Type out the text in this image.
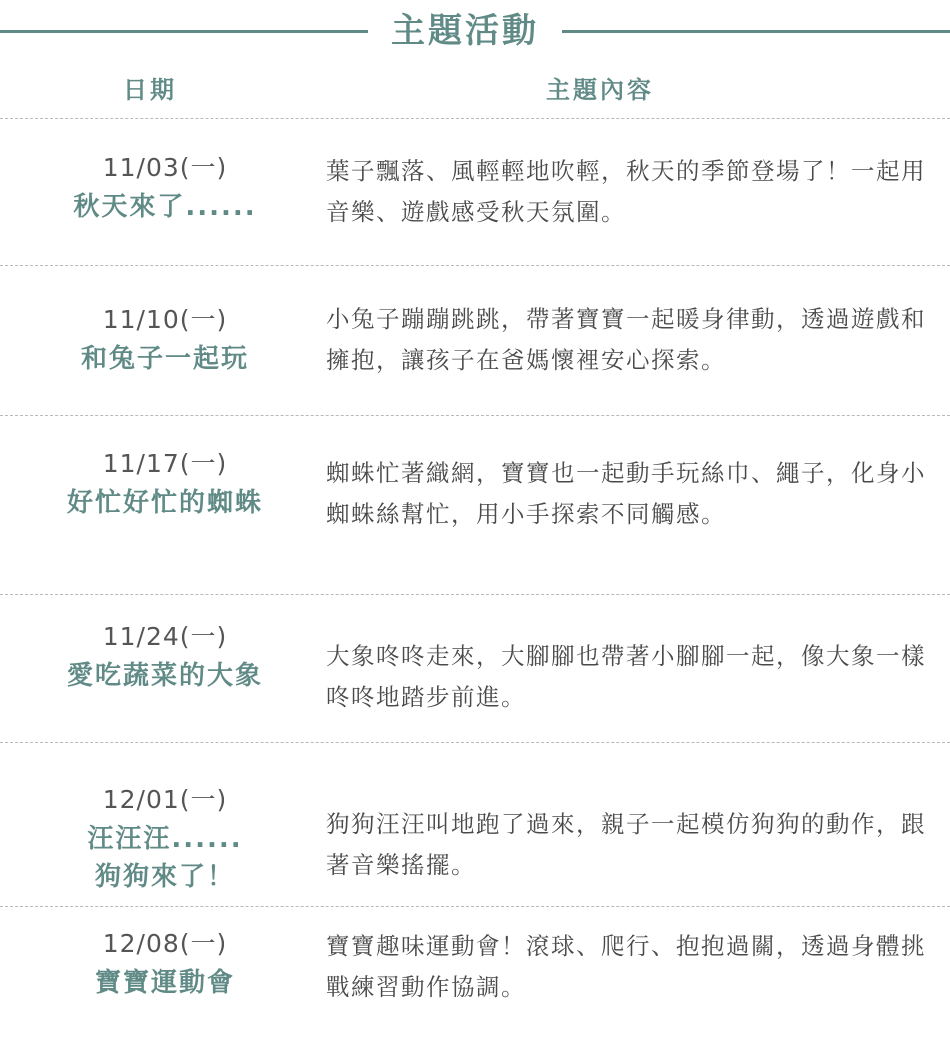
主題活動
日期	主題內容
11/03(一)
秋天來了......
葉子飄落、風輕輕地吹輕，秋天的季節登場了！一起用音樂、遊戲感受秋天氛圍。
11/10(一)
和兔子一起玩
小兔子蹦蹦跳跳，帶著寶寶一起暖身律動，透過遊戲和擁抱，讓孩子在爸媽懷裡安心探索。
11/17(一)
好忙好忙的蜘蛛
蜘蛛忙著織網，寶寶也一起動手玩絲巾、繩子，化身小蜘蛛絲幫忙，用小手探索不同觸感。
11/24(一)
愛吃蔬菜的大象
大象咚咚走來，大腳腳也帶著小腳腳一起，像大象一樣咚咚地踏步前進。
12/01(一)
汪汪汪......
狗狗來了！
狗狗汪汪叫地跑了過來，親子一起模仿狗狗的動作，跟著音樂搖擺。
12/08(一)
寶寶運動會
寶寶趣味運動會！滾球、爬行、抱抱過關，透過身體挑戰練習動作協調。
